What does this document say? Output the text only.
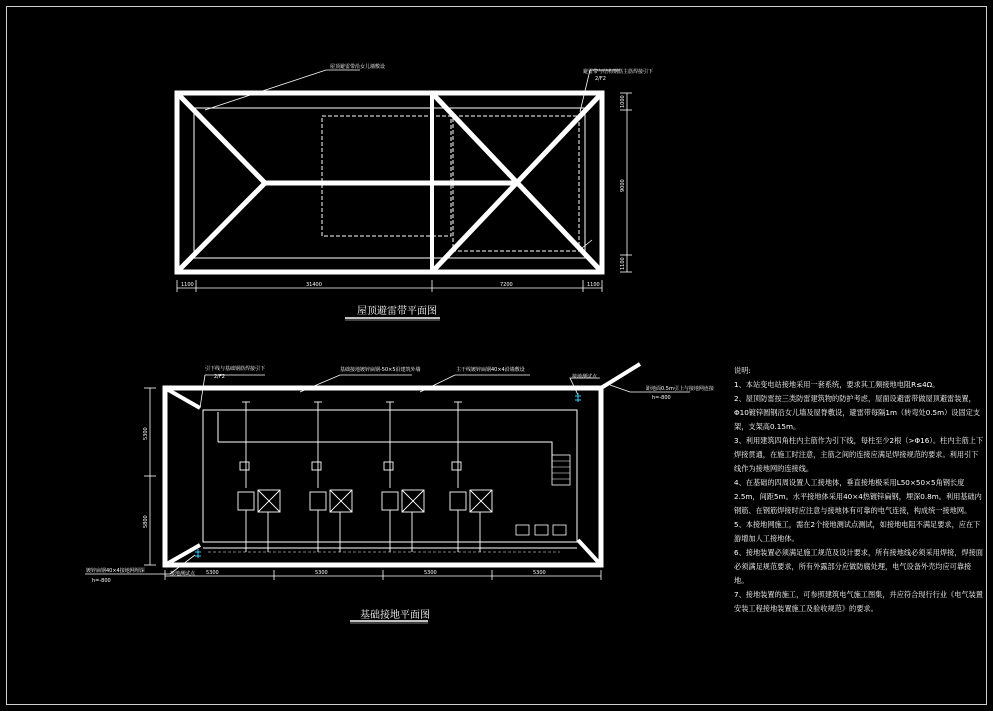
屋顶避雷带沿女儿墙敷设
避雷带与结构钢筋主筋焊接引下
2/F2
1100	31400	7200	1100
1000
9000
1100
引下线与基础钢筋焊接引下
2/F2
基础接地镀锌扁钢-50×5沿建筑外墙	主干线镀锌扁钢40×4沿墙敷设
接地测试点
距地面0.5m引上与接地网连接
h=-800
镀锌扁钢40×4接地网埋深
h=-800
接地测试点 5300	5300	5300	5300
5300
5800
屋顶避雷带平面图
基础接地平面图

说明:

1、本站变电站接地采用一套系统，要求其工频接地电阻R≤4Ω。

2、屋顶防雷按三类防雷建筑物的防护考虑，屋面设避雷带做屋顶避雷装置，Φ10镀锌圆钢沿女儿墙及屋脊敷设，避雷带每隔1m（转弯处0.5m）设固定支架，支架高0.15m。

3、利用建筑四角柱内主筋作为引下线，每柱至少2根（>Φ16）。柱内主筋上下焊接贯通，在施工时注意，主筋之间的连接应满足焊接规范的要求。利用引下线作为接地网的连接线。

4、在基础的四周设置人工接地体，垂直接地极采用L50×50×5角钢长度2.5m，间距5m。水平接地体采用40×4热镀锌扁钢，埋深0.8m。利用基础内钢筋、在钢筋焊接时应注意与接地体有可靠的电气连接，构成统一接地网。

5、本接地网施工，需在2个接地测试点测试，如接地电阻不满足要求，应在下游增加人工接地体。

6、接地装置必须满足施工规范及设计要求，所有接地线必须采用焊接，焊接面必须满足规范要求，所有外露部分应做防腐处理，电气设备外壳均应可靠接地。

7、接地装置的施工，可参照建筑电气施工图集，并应符合现行行业《电气装置安装工程接地装置施工及验收规范》的要求。
